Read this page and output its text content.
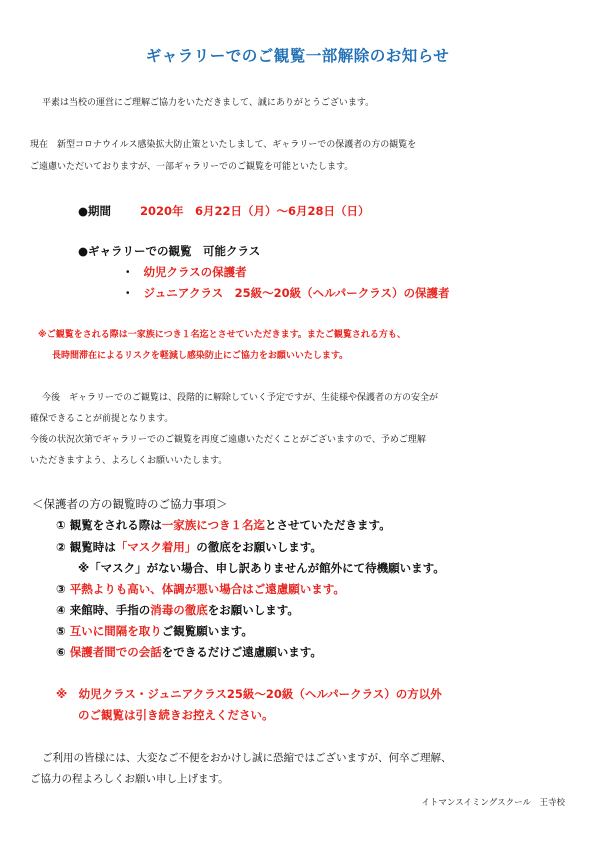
ギャラリーでのご観覧一部解除のお知らせ
平素は当校の運営にご理解ご協力をいただきまして、誠にありがとうございます。
現在　新型コロナウイルス感染拡大防止策といたしまして、ギャラリーでの保護者の方の観覧を
ご遠慮いただいておりますが、一部ギャラリーでのご観覧を可能といたします。
●期間	2020年　6月22日（月）～6月28日（日）
●ギャラリーでの観覧　可能クラス
・ 幼児クラスの保護者
・ ジュニアクラス　25級～20級（ヘルパークラス）の保護者
※ご観覧をされる際は一家族につき１名迄とさせていただきます。またご観覧される方も、
長時間滞在によるリスクを軽減し感染防止にご協力をお願いいたします。
今後　ギャラリーでのご観覧は、段階的に解除していく予定ですが、生徒様や保護者の方の安全が
確保できることが前提となります。
今後の状況次第でギャラリーでのご観覧を再度ご遠慮いただくことがございますので、予めご理解
いただきますよう、よろしくお願いいたします。
＜保護者の方の観覧時のご協力事項＞
① 観覧をされる際は一家族につき１名迄とさせていただきます。
② 観覧時は「マスク着用」の徹底をお願いします。
※「マスク」がない場合、申し訳ありませんが館外にて待機願います。
③ 平熱よりも高い、体調が悪い場合はご遠慮願います。
④ 来館時、手指の消毒の徹底をお願いします。
⑤ 互いに間隔を取りご観覧願います。
⑥ 保護者間での会話をできるだけご遠慮願います。
※　幼児クラス・ジュニアクラス25級～20級（ヘルパークラス）の方以外
のご観覧は引き続きお控えください。
ご利用の皆様には、大変なご不便をおかけし誠に恐縮ではございますが、何卒ご理解、
ご協力の程よろしくお願い申し上げます。
イトマンスイミングスクール　王寺校
